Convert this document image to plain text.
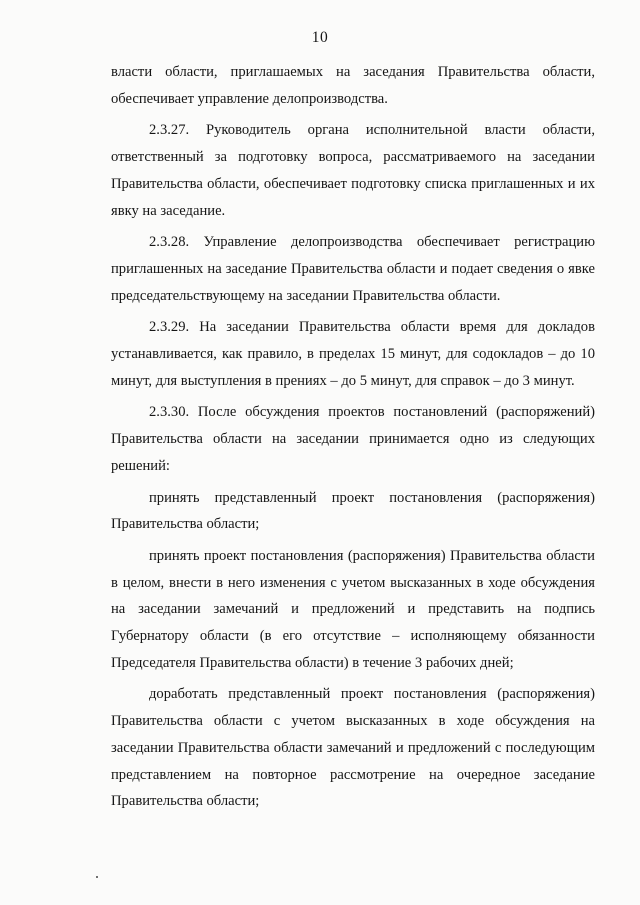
10

власти области, приглашаемых на заседания Правительства области, обеспечивает управление делопроизводства.

2.3.27. Руководитель органа исполнительной власти области, ответственный за подготовку вопроса, рассматриваемого на заседании Правительства области, обеспечивает подготовку списка приглашенных и их явку на заседание.

2.3.28. Управление делопроизводства обеспечивает регистрацию приглашенных на заседание Правительства области и подает сведения о явке председательствующему на заседании Правительства области.

2.3.29. На заседании Правительства области время для докладов устанавливается, как правило, в пределах 15 минут, для содокладов – до 10 минут, для выступления в прениях – до 5 минут, для справок – до 3 минут.

2.3.30. После обсуждения проектов постановлений (распоряжений) Правительства области на заседании принимается одно из следующих решений:

принять представленный проект постановления (распоряжения) Правительства области;

принять проект постановления (распоряжения) Правительства области в целом, внести в него изменения с учетом высказанных в ходе обсуждения на заседании замечаний и предложений и представить на подпись Губернатору области (в его отсутствие – исполняющему обязанности Председателя Правительства области) в течение 3 рабочих дней;

доработать представленный проект постановления (распоряжения) Правительства области с учетом высказанных в ходе обсуждения на заседании Правительства области замечаний и предложений с последующим представлением на повторное рассмотрение на очередное заседание Правительства области;
